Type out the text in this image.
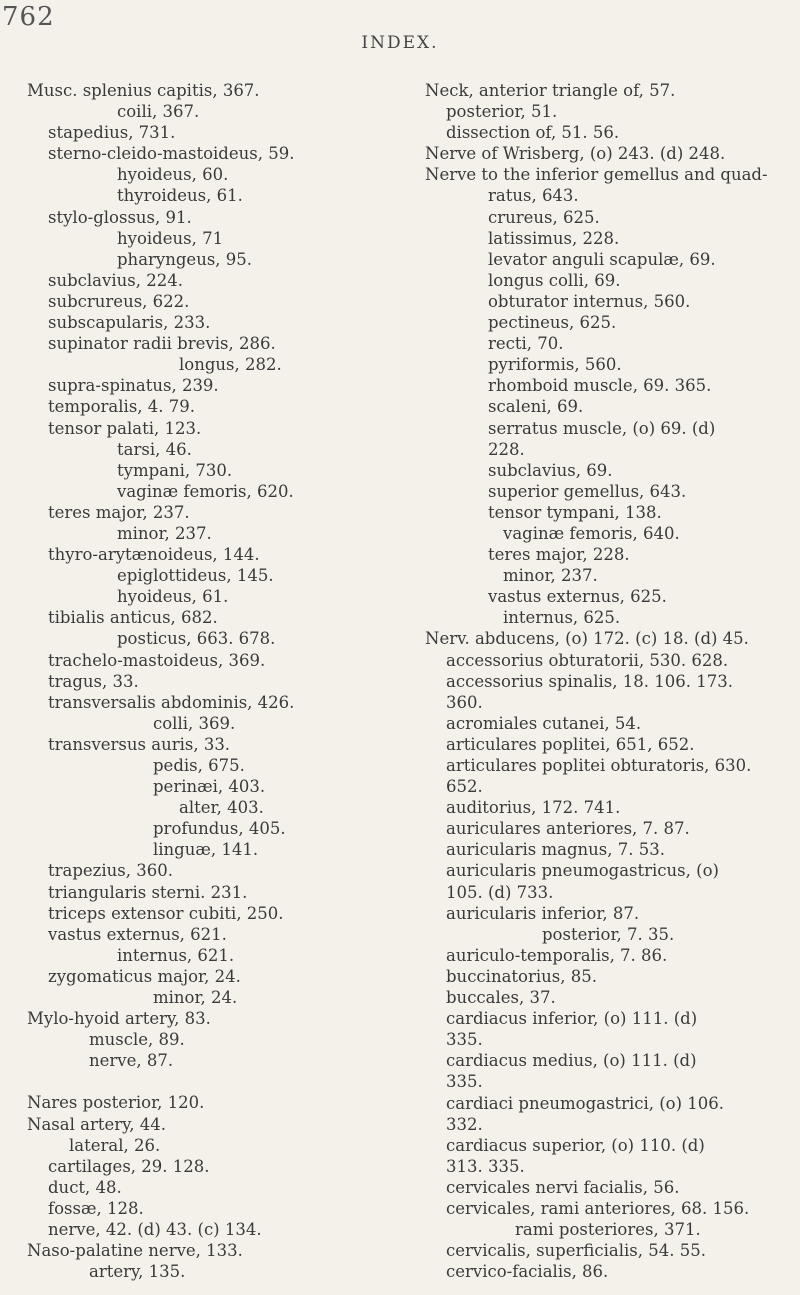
762
INDEX.
Musc. splenius capitis, 367.
coili, 367.
stapedius, 731.
sterno-cleido-mastoideus, 59.
hyoideus, 60.
thyroideus, 61.
stylo-glossus, 91.
hyoideus, 71
pharyngeus, 95.
subclavius, 224.
subcrureus, 622.
subscapularis, 233.
supinator radii brevis, 286.
longus, 282.
supra-spinatus, 239.
temporalis, 4. 79.
tensor palati, 123.
tarsi, 46.
tympani, 730.
vaginæ femoris, 620.
teres major, 237.
minor, 237.
thyro-arytænoideus, 144.
epiglottideus, 145.
hyoideus, 61.
tibialis anticus, 682.
posticus, 663. 678.
trachelo-mastoideus, 369.
tragus, 33.
transversalis abdominis, 426.
colli, 369.
transversus auris, 33.
pedis, 675.
perinæi, 403.
alter, 403.
profundus, 405.
linguæ, 141.
trapezius, 360.
triangularis sterni. 231.
triceps extensor cubiti, 250.
vastus externus, 621.
internus, 621.
zygomaticus major, 24.
minor, 24.
Mylo-hyoid artery, 83.
muscle, 89.
nerve, 87.
Nares posterior, 120.
Nasal artery, 44.
lateral, 26.
cartilages, 29. 128.
duct, 48.
fossæ, 128.
nerve, 42. (d) 43. (c) 134.
Naso-palatine nerve, 133.
artery, 135.
Neck, anterior triangle of, 57.
posterior, 51.
dissection of, 51. 56.
Nerve of Wrisberg, (o) 243. (d) 248.
Nerve to the inferior gemellus and quad-
ratus, 643.
crureus, 625.
latissimus, 228.
levator anguli scapulæ, 69.
longus colli, 69.
obturator internus, 560.
pectineus, 625.
recti, 70.
pyriformis, 560.
rhomboid muscle, 69. 365.
scaleni, 69.
serratus muscle, (o) 69. (d)
228.
subclavius, 69.
superior gemellus, 643.
tensor tympani, 138.
vaginæ femoris, 640.
teres major, 228.
minor, 237.
vastus externus, 625.
internus, 625.
Nerv. abducens, (o) 172. (c) 18. (d) 45.
accessorius obturatorii, 530. 628.
accessorius spinalis, 18. 106. 173.
360.
acromiales cutanei, 54.
articulares poplitei, 651, 652.
articulares poplitei obturatoris, 630.
652.
auditorius, 172. 741.
auriculares anteriores, 7. 87.
auricularis magnus, 7. 53.
auricularis pneumogastricus, (o)
105. (d) 733.
auricularis inferior, 87.
posterior, 7. 35.
auriculo-temporalis, 7. 86.
buccinatorius, 85.
buccales, 37.
cardiacus inferior, (o) 111. (d)
335.
cardiacus medius, (o) 111. (d)
335.
cardiaci pneumogastrici, (o) 106.
332.
cardiacus superior, (o) 110. (d)
313. 335.
cervicales nervi facialis, 56.
cervicales, rami anteriores, 68. 156.
rami posteriores, 371.
cervicalis, superficialis, 54. 55.
cervico-facialis, 86.
